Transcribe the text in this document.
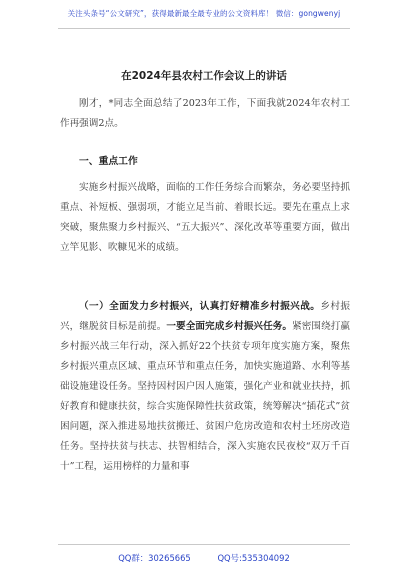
关注头条号“公文研究”，获得最新最全最专业的公文资料库！ 微信：gongwenyj
在2024年县农村工作会议上的讲话
刚才，*同志全面总结了2023年工作，下面我就2024年农村工作再强调2点。
一、重点工作
实施乡村振兴战略，面临的工作任务综合而繁杂，务必要坚持抓重点、补短板、强弱项，才能立足当前、着眼长远。要先在重点上求突破，聚焦聚力乡村振兴、“五大振兴”、深化改革等重要方面，做出立竿见影、吹糠见米的成绩。
（一）全面发力乡村振兴，认真打好精准乡村振兴战。乡村振兴，继脱贫目标是前提。一要全面完成乡村振兴任务。紧密围绕打赢乡村振兴战三年行动，深入抓好22个扶贫专项年度实施方案，聚焦乡村振兴重点区域、重点环节和重点任务，加快实施道路、水利等基础设施建设任务。坚持因村因户因人施策，强化产业和就业扶持，抓好教育和健康扶贫，综合实施保障性扶贫政策，统筹解决“插花式”贫困问题，深入推进易地扶贫搬迁、贫困户危房改造和农村土坯房改造任务。坚持扶贫与扶志、扶智相结合，深入实施农民夜校“双万千百十”工程，运用榜样的力量和事
QQ群：30265665	QQ号:535304092
